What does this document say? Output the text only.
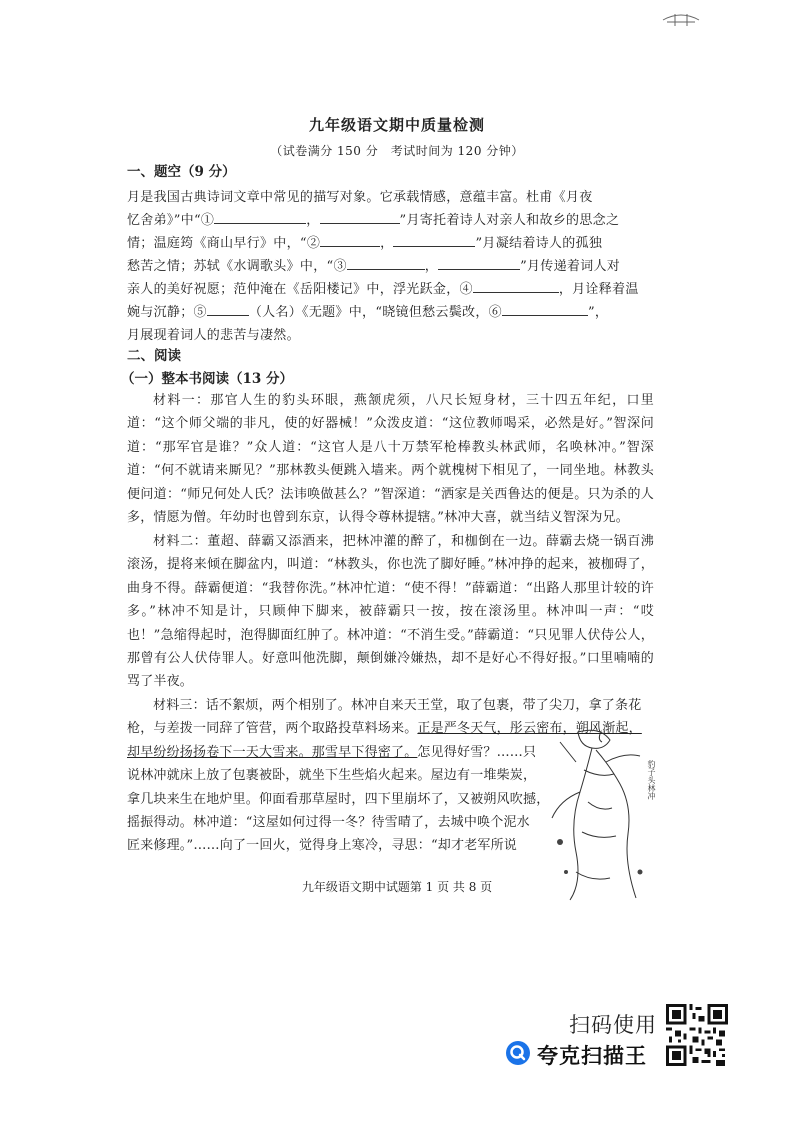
九年级语文期中质量检测
（试卷满分 150 分　考试时间为 120 分钟）
一、题空（9 分）
月是我国古典诗词文章中常见的描写对象。它承载情感，意蕴丰富。杜甫《月夜
忆舍弟》”中“①	，	”月寄托着诗人对亲人和故乡的思念之
情；温庭筠《商山早行》中，“②	，	”月凝结着诗人的孤独
愁苦之情；苏轼《水调歌头》中，“③	，	”月传递着词人对
亲人的美好祝愿；范仲淹在《岳阳楼记》中，浮光跃金，④	，月诠释着温
婉与沉静；⑤	（人名）《无题》中，“晓镜但愁云鬓改，⑥	”，
月展现着词人的悲苦与凄然。
二、阅读
（一）整本书阅读（13 分）

材料一：那官人生的豹头环眼，燕颔虎须，八尺长短身材，三十四五年纪，口里道：“这个师父端的非凡，使的好器械！”众泼皮道：“这位教师喝采，必然是好。”智深问道：“那军官是谁？”众人道：“这官人是八十万禁军枪棒教头林武师，名唤林冲。”智深道：“何不就请来厮见？”那林教头便跳入墙来。两个就槐树下相见了，一同坐地。林教头便问道：“师兄何处人氏？法讳唤做甚么？”智深道：“洒家是关西鲁达的便是。只为杀的人多，情愿为僧。年幼时也曾到东京，认得令尊林提辖。”林冲大喜，就当结义智深为兄。

材料二：董超、薛霸又添酒来，把林冲灌的醉了，和枷倒在一边。薛霸去烧一锅百沸滚汤，提将来倾在脚盆内，叫道：“林教头，你也洗了脚好睡。”林冲挣的起来，被枷碍了，曲身不得。薛霸便道：“我替你洗。”林冲忙道：“使不得！”薛霸道：“出路人那里计较的许多。”林冲不知是计，只顾伸下脚来，被薛霸只一按，按在滚汤里。林冲叫一声：“哎也！”急缩得起时，泡得脚面红肿了。林冲道：“不消生受。”薛霸道：“只见罪人伏侍公人，那曾有公人伏侍罪人。好意叫他洗脚，颠倒嫌冷嫌热，却不是好心不得好报。”口里喃喃的骂了半夜。

材料三：话不絮烦，两个相别了。林冲自来天王堂，取了包裹，带了尖刀，拿了条花
枪，与差拨一同辞了管营，两个取路投草料场来。正是严冬天气，彤云密布，朔风渐起，
却早纷纷扬扬卷下一天大雪来。那雪早下得密了。怎见得好雪？……只
说林冲就床上放了包裹被卧，就坐下生些焰火起来。屋边有一堆柴炭，
拿几块来生在地炉里。仰面看那草屋时，四下里崩坏了，又被朔风吹撼，
摇振得动。林冲道：“这屋如何过得一冬？待雪晴了，去城中唤个泥水
匠来修理。”……向了一回火，觉得身上寒冷，寻思：“却才老军所说
豹子头林冲
九年级语文期中试题第 1 页 共 8 页
扫码使用
夸克扫描王
